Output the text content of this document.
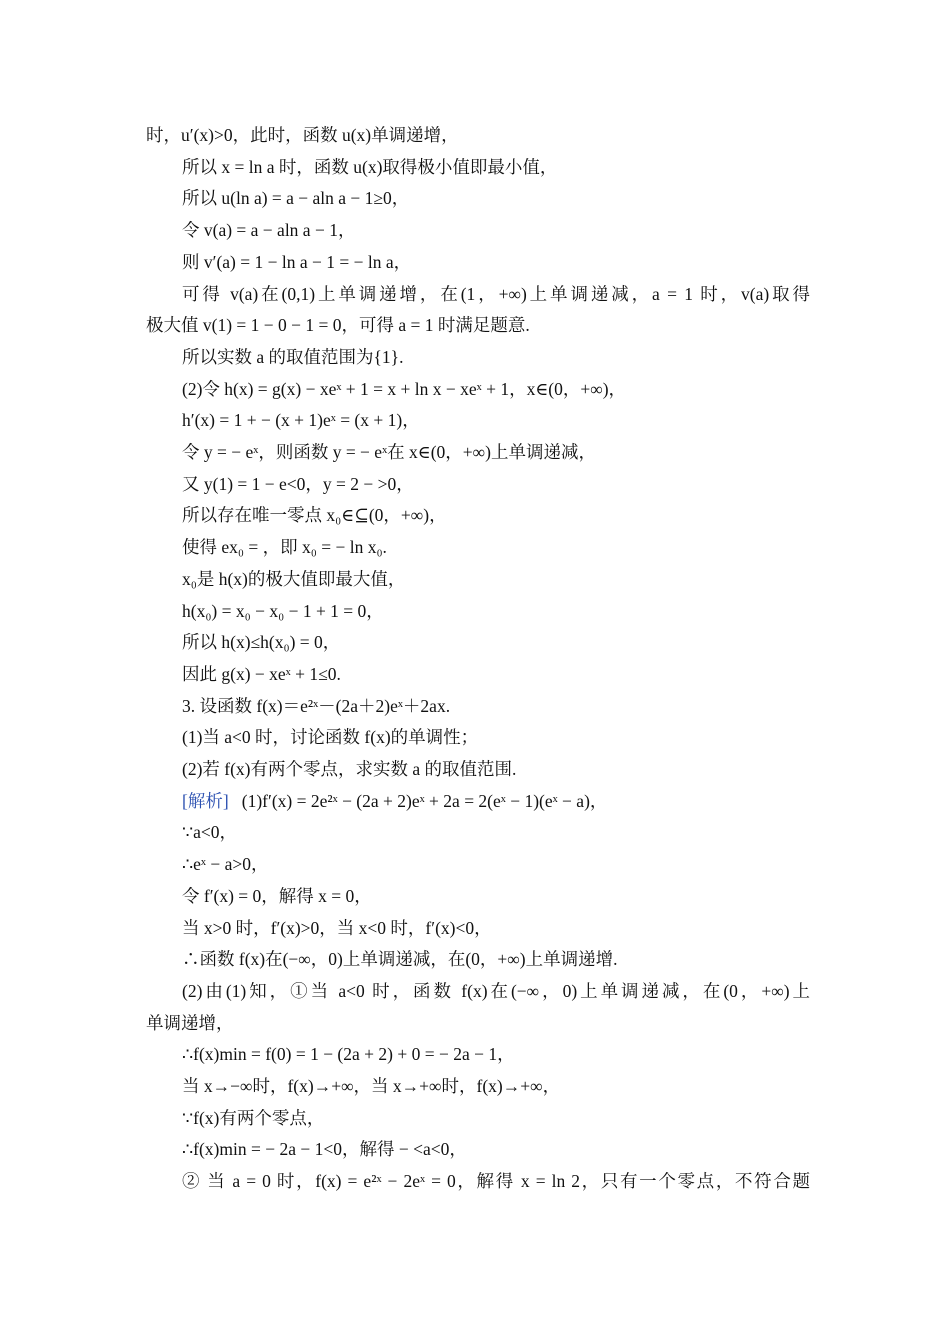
时，u′(x)>0，此时，函数 u(x)单调递增，
所以 x = ln a 时，函数 u(x)取得极小值即最小值，
所以 u(ln a) = a − aln a − 1≥0，
令 v(a) = a − aln a − 1，
则 v′(a) = 1 − ln a − 1 = − ln a，
可得 v(a)在(0,1)上单调递增，在(1，+∞)上单调递减，a = 1 时，v(a)取得
极大值 v(1) = 1 − 0 − 1 = 0，可得 a = 1 时满足题意.
所以实数 a 的取值范围为{1}.
(2)令 h(x) = g(x) − xeˣ + 1 = x + ln x − xeˣ + 1，x∈(0，+∞)，
h′(x) = 1 + − (x + 1)eˣ = (x + 1)，
令 y = − eˣ，则函数 y = − eˣ在 x∈(0，+∞)上单调递减，
又 y(1) = 1 − e<0，y = 2 − >0，
所以存在唯一零点 x₀∈⊆(0，+∞)，
使得 ex₀ = ，即 x₀ = − ln x₀.
x₀是 h(x)的极大值即最大值，
h(x₀) = x₀ − x₀ − 1 + 1 = 0，
所以 h(x)≤h(x₀) = 0，
因此 g(x) − xeˣ + 1≤0.
3. 设函数 f(x)＝e²ˣ－(2a＋2)eˣ＋2ax.
(1)当 a<0 时，讨论函数 f(x)的单调性；
(2)若 f(x)有两个零点，求实数 a 的取值范围.
[解析] (1)f′(x) = 2e²ˣ − (2a + 2)eˣ + 2a = 2(eˣ − 1)(eˣ − a)，
∵a<0，
∴eˣ − a>0，
令 f′(x) = 0，解得 x = 0，
当 x>0 时，f′(x)>0，当 x<0 时，f′(x)<0，
∴函数 f(x)在(−∞，0)上单调递减，在(0，+∞)上单调递增.
(2)由(1)知，①当 a<0 时，函数 f(x)在(−∞，0)上单调递减，在(0，+∞)上
单调递增，
∴f(x)min = f(0) = 1 − (2a + 2) + 0 = − 2a − 1，
当 x→−∞时，f(x)→+∞，当 x→+∞时，f(x)→+∞，
∵f(x)有两个零点，
∴f(x)min = − 2a − 1<0，解得 − <a<0，
② 当 a = 0 时，f(x) = e²ˣ − 2eˣ = 0，解得 x = ln 2，只有一个零点，不符合题
